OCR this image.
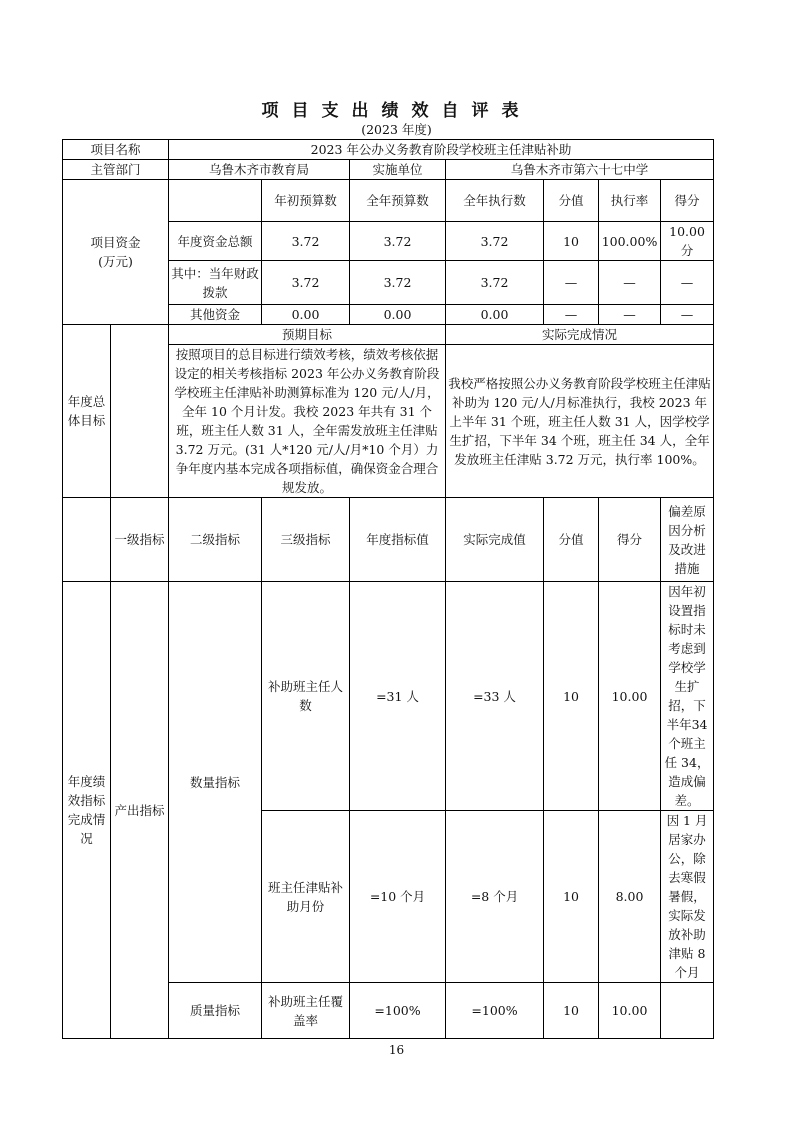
项目支出绩效自评表
(2023 年度)
项目名称		2023 年公办义务教育阶段学校班主任津贴补助						
主管部门		乌鲁木齐市教育局		实施单位	乌鲁木齐市第六十七中学			
项目资金
(万元)			年初预算数	全年预算数	全年执行数	分值	执行率	得分
		年度资金总额	3.72	3.72	3.72	10	100.00%	10.00 分
		其中：当年财政拨款	3.72	3.72	3.72	—	—	—
		其他资金	0.00	0.00	0.00	—	—	—
年度总体目标		预期目标			实际完成情况			
		按照项目的总目标进行绩效考核，绩效考核依据设定的相关考核指标 2023 年公办义务教育阶段学校班主任津贴补助测算标准为 120 元/人/月，全年 10 个月计发。我校 2023 年共有 31 个班，班主任人数 31 人，全年需发放班主任津贴 3.72 万元。(31 人*120 元/人/月*10 个月）力争年度内基本完成各项指标值，确保资金合理合规发放。			我校严格按照公办义务教育阶段学校班主任津贴补助为 120 元/人/月标准执行，我校 2023 年上半年 31 个班，班主任人数 31 人，因学校学生扩招，下半年 34 个班，班主任 34 人，全年发放班主任津贴 3.72 万元，执行率 100%。			
	一级指标	二级指标	三级指标	年度指标值	实际完成值	分值	得分	偏差原因分析及改进措施
年度绩效指标完成情况	产出指标	数量指标	补助班主任人数	=31 人	=33 人	10	10.00	因年初设置指标时未考虑到学校学生扩招，下半年34 个班主任 34，造成偏差。
			班主任津贴补助月份	=10 个月	=8 个月	10	8.00	因 1 月居家办公，除去寒假暑假，实际发放补助津贴 8 个月
		质量指标	补助班主任覆盖率	=100%	=100%	10	10.00	
16
